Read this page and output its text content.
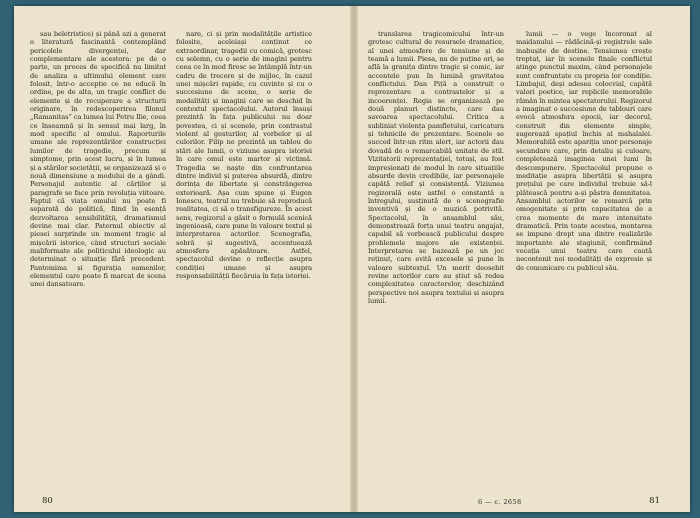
sau beletristice) și până azi a generat o literatură fascinantă contemplând pericolele divergenței, dar complementare ale acestora: pe de o parte, un proces de specifică nu limitat de analiza a ultimului element care folosit, într-o accepție ce ne educă în ordine, pe de alta, un tragic conflict de elemente și de recuperare a structurii originare, în redescoperirea filonul „Ramanitas” ca lumea lui Petru Ilie, ceea ce înseamnă și în sensul mai larg, în mod specific al omului. Raporturile umane ale reprezentărilor construcției lumilor de tragedie, precum și simptome, prin acest lucru, și în lumea și a stărilor societății, se organizează și o nouă dimensiune a modului de a gândi. Personajul autentic al cărților și paragrafe se face prin revoluția viitoare. Faptul că viața omului nu poate fi separată de politică, fiind în esență dezvoltarea sensibilității, dramatismul devine mai clar. Paternul obiectiv al piesei surprinde un moment tragic al mișcării istorice, când structuri sociale maliformate ale politicului ideologic au determinat o situație fără precedent. Pantomima și figurația oamenilor, elementul care poate fi marcat de scena unei dansatoare.
nare, ci și prin modalitățile artistice folosite, aceleiași conținut ce extraordinar, tragedii cu comică, grotesc cu solemn, cu o serie de imagini pentru ceea ce în mod firesc se întâmplă într-un cadru de trecere și de mijloc, în cazul unei mișcări rapide, cu cuvinte și cu o succesiune de scene, o serie de modalități și imagini care se deschid în contextul spectacolului. Autorul însuși prezintă în fața publicului nu doar povestea, ci și scenele, prin contrastul violent al gesturilor, al vorbelor și al culorilor. Filip ne prezintă un tablou de stări ale lumii, o viziune asupra istoriei în care omul este martor și victimă. Tragedia se naște din confruntarea dintre individ și puterea absurdă, dintre dorința de libertate și constrângerea exterioară. Așa cum spune și Eugen Ionescu, teatrul nu trebuie să reproducă realitatea, ci să o transfigureze. În acest sens, regizorul a găsit o formulă scenică ingenioasă, care pune în valoare textul și interpretarea actorilor. Scenografia, sobră și sugestivă, accentuează atmosfera apăsătoare. Astfel, spectacolul devine o reflecție asupra condiției umane și asupra responsabilității fiecăruia în fața istoriei.
80
translarea tragicomicului într-un grotesc cultural de resursele dramatice, al unei atmosfere de tensiune și de teamă a lumii. Piesa, nu de puține ori, se află la granița dintre tragic și comic, iar accentele pun în lumină gravitatea conflictului. Dan Piță a construit o reprezentare a contrastelor și a incoerenței. Regia se organizează pe două planuri distincte, care dau savoarea spectacolului. Critica a subliniat violența pamfletului, caricatura și tehnicile de prezentare. Scenele se succed într-un ritm alert, iar actorii dau dovadă de o remarcabilă unitate de stil. Vizitatorii reprezentației, totuși, au fost impresionați de modul în care situațiile absurde devin credibile, iar personajele capătă relief și consistență. Viziunea regizorală este astfel o constantă a întregului, susținută de o scenografie inventivă și de o muzică potrivită. Spectacolul, în ansamblul său, demonstrează forța unui teatru angajat, capabil să vorbească publicului despre problemele majore ale existenței. Interpretarea se bazează pe un joc reținut, care evită excesele și pune în valoare subtextul. Un merit deosebit revine actorilor care au știut să redea complexitatea caracterelor, deschizând perspective noi asupra textului și asupra lumii.
lumii — o vege încoronat al maidanului — rădăcină-și registrele sale inabușite de destine. Tensiunea crește treptat, iar în scenele finale conflictul atinge punctul maxim, când personajele sunt confruntate cu propria lor condiție. Limbajul, deși adesea colocvial, capătă valori poetice, iar replicile memorabile rămân în mintea spectatorului. Regizorul a imaginat o succesiune de tablouri care evocă atmosfera epocii, iar decorul, construit din elemente simple, sugerează spațiul închis al mahalalei. Memorabilă este apariția unor personaje secundare care, prin detaliu și culoare, completează imaginea unei lumi în descompunere. Spectacolul propune o meditație asupra libertății și asupra prețului pe care individul trebuie să-l plătească pentru a-și păstra demnitatea. Ansamblul actorilor se remarcă prin omogenitate și prin capacitatea de a crea momente de mare intensitate dramatică. Prin toate acestea, montarea se impune drept una dintre realizările importante ale stagiunii, confirmând vocația unui teatru care caută necontenit noi modalități de expresie și de comunicare cu publicul său.
6 — c. 2658	81
